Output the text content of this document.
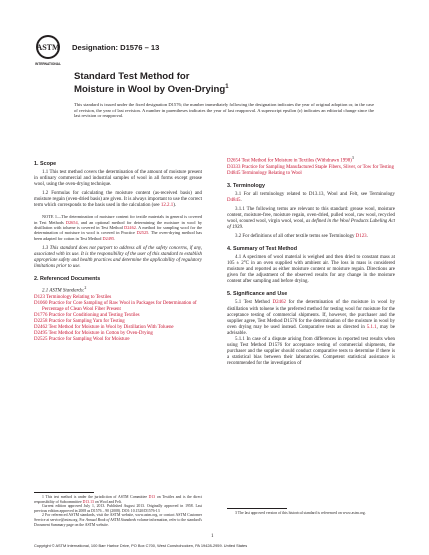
ASTM
INTERNATIONAL
Designation: D1576 – 13
Standard Test Method for
Moisture in Wool by Oven-Drying$^1$
This standard is issued under the fixed designation D1576; the number immediately following the designation indicates the year of original adoption or, in the case of revision, the year of last revision. A number in parentheses indicates the year of last reapproval. A superscript epsilon (ε) indicates an editorial change since the last revision or reapproval.
1. Scope

1.1 This test method covers the determination of the amount of moisture present in ordinary commercial and industrial samples of wool in all forms except grease wool, using the oven-drying technique.

1.2 Formulas for calculating the moisture content (as-received basis) and moisture regain (oven-dried basis) are given. It is always important to use the correct term which corresponds to the basis used in the calculation (see 12.2.1).

NOTE 1—The determination of moisture content for textile materials in general is covered in Test Methods D2654, and an optional method for determining the moisture in wool by distillation with toluene is covered in Test Method D2462. A method for sampling wool for the determination of moisture in wool is covered in Practice D2525. The oven-drying method has been adapted for cotton in Test Method D2495.

1.3 This standard does not purport to address all of the safety concerns, if any, associated with its use. It is the responsibility of the user of this standard to establish appropriate safety and health practices and determine the applicability of regulatory limitations prior to use.

2. Referenced Documents

2.1 ASTM Standards:$^2$

D123 Terminology Relating to Textiles

D1060 Practice for Core Sampling of Raw Wool in Packages for Determination of Percentage of Clean Wool Fiber Present

D1776 Practice for Conditioning and Testing Textiles

D2258 Practice for Sampling Yarn for Testing

D2462 Test Method for Moisture in Wool by Distillation With Toluene

D2495 Test Method for Moisture in Cotton by Oven-Drying

D2525 Practice for Sampling Wool for Moisture

1 This test method is under the jurisdiction of ASTM Committee D13 on Textiles and is the direct responsibility of Subcommittee D13.13 on Wool and Felt.

Current edition approved July 1, 2013. Published August 2013. Originally approved in 1958. Last previous edition approved in 2008 as D1576 – 90 (2008). DOI: 10.1520/D1576-13

2 For referenced ASTM standards, visit the ASTM website, www.astm.org, or contact ASTM Customer Service at service@astm.org. For Annual Book of ASTM Standards volume information, refer to the standard's Document Summary page on the ASTM website.

D2654 Test Method for Moisture in Textiles (Withdrawn 1998)$^3$

D3333 Practice for Sampling Manufactured Staple Fibers, Sliver, or Tow for Testing

D4845 Terminology Relating to Wool

3. Terminology

3.1 For all terminology related to D13.13, Wool and Felt, see Terminology D4845.

3.1.1 The following terms are relevant to this standard: grease wool, moisture content, moisture-free, moisture regain, oven-dried, pulled wool, raw wool, recycled wool, scoured wool, virgin wool, wool, as defined in the Wool Products Labeling Act of 1939.

3.2 For definitions of all other textile terms see Terminology D123.

4. Summary of Test Method

4.1 A specimen of wool material is weighed and then dried to constant mass at 105 ± 2°C in an oven supplied with ambient air. The loss in mass is considered moisture and reported as either moisture content or moisture regain. Directions are given for the adjustment of the observed results for any change in the moisture content after sampling and before drying.

5. Significance and Use

5.1 Test Method D2462 for the determination of the moisture in wool by distillation with toluene is the preferred method for testing wool for moisture for the acceptance testing of commercial shipments. If, however, the purchaser and the supplier agree, Test Method D1576 for the determination of the moisture in wool by oven drying may be used instead. Comparative tests as directed in 5.1.1, may be advisable.

5.1.1 In case of a dispute arising from differences in reported test results when using Test Method D1576 for acceptance testing of commercial shipments, the purchaser and the supplier should conduct comparative tests to determine if there is a statistical bias between their laboratories. Competent statistical assistance is recommended for the investigation of

3 The last approved version of this historical standard is referenced on www.astm.org.

Copyright © ASTM International, 100 Barr Harbor Drive, PO Box C700, West Conshohocken, PA 19428-2959. United States
1
